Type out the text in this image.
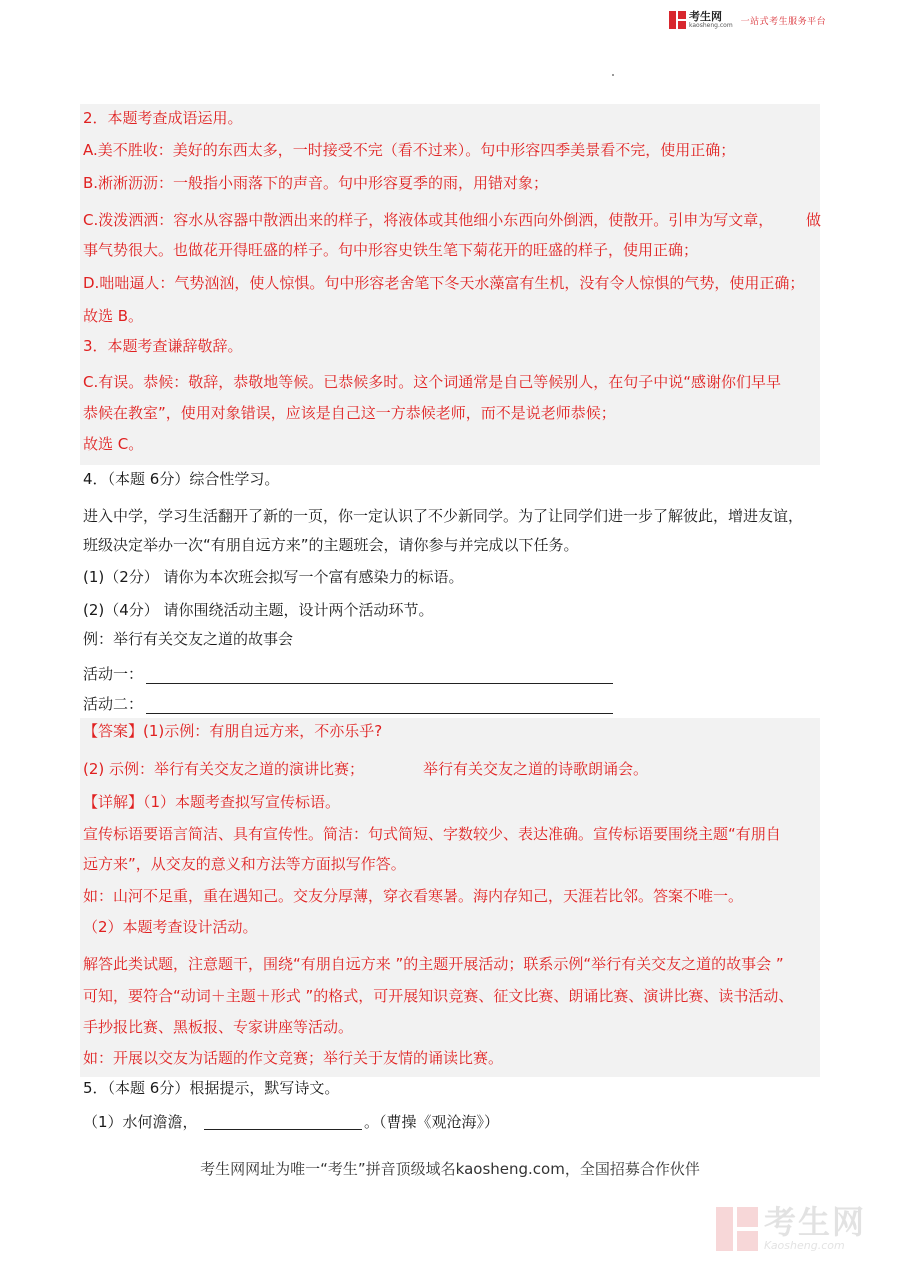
考生网
kaosheng.com 一站式考生服务平台
2．本题考查成语运用。
A.美不胜收：美好的东西太多，一时接受不完（看不过来）。句中形容四季美景看不完，使用正确；
B.淅淅沥沥：一般指小雨落下的声音。句中形容夏季的雨，用错对象；
C.泼泼洒洒：容水从容器中散洒出来的样子，将液体或其他细小东西向外倒洒，使散开。引申为写文章， 做
事气势很大。也做花开得旺盛的样子。句中形容史铁生笔下菊花开的旺盛的样子，使用正确；
D.咄咄逼人：气势汹汹，使人惊惧。句中形容老舍笔下冬天水藻富有生机，没有令人惊惧的气势，使用正确；
故选 B。
3．本题考查谦辞敬辞。
C.有误。恭候：敬辞，恭敬地等候。已恭候多时。这个词通常是自己等候别人，在句子中说“感谢你们早早
恭候在教室”，使用对象错误，应该是自己这一方恭候老师，而不是说老师恭候；
故选 C。
4．（本题 6分）综合性学习。
进入中学，学习生活翻开了新的一页，你一定认识了不少新同学。为了让同学们进一步了解彼此，增进友谊，
班级决定举办一次“有朋自远方来”的主题班会，请你参与并完成以下任务。
(1)（2分） 请你为本次班会拟写一个富有感染力的标语。
(2)（4分） 请你围绕活动主题，设计两个活动环节。
例：举行有关交友之道的故事会
活动一：
活动二：
【答案】(1)示例：有朋自远方来，不亦乐乎?
(2) 示例：举行有关交友之道的演讲比赛；	举行有关交友之道的诗歌朗诵会。
【详解】（1）本题考查拟写宣传标语。
宣传标语要语言简洁、具有宣传性。简洁：句式简短、字数较少、表达准确。宣传标语要围绕主题“有朋自
远方来”，从交友的意义和方法等方面拟写作答。
如：山河不足重，重在遇知己。交友分厚薄，穿衣看寒暑。海内存知己，天涯若比邻。答案不唯一。
（2）本题考查设计活动。
解答此类试题，注意题干，围绕“有朋自远方来 ”的主题开展活动；联系示例“举行有关交友之道的故事会 ”
可知，要符合“动词＋主题＋形式 ”的格式，可开展知识竞赛、征文比赛、朗诵比赛、演讲比赛、读书活动、
手抄报比赛、黑板报、专家讲座等活动。
如：开展以交友为话题的作文竞赛；举行关于友情的诵读比赛。
5．（本题 6分）根据提示，默写诗文。
（1）水何澹澹，	。（曹操《观沧海》）
考生网网址为唯一“考生”拼音顶级域名kaosheng.com，全国招募合作伙伴
考生网
Kaosheng.com
